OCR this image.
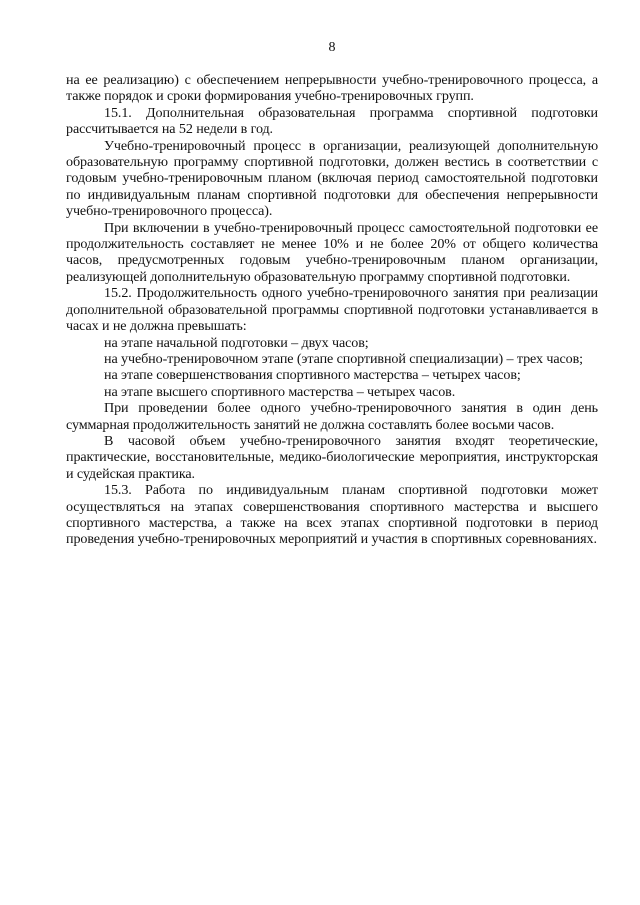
8

на ее реализацию) с обеспечением непрерывности учебно-тренировочного процесса, а также порядок и сроки формирования учебно-тренировочных групп.

15.1. Дополнительная образовательная программа спортивной подготовки рассчитывается на 52 недели в год.

Учебно-тренировочный процесс в организации, реализующей дополнительную образовательную программу спортивной подготовки, должен вестись в соответствии с годовым учебно-тренировочным планом (включая период самостоятельной подготовки по индивидуальным планам спортивной подготовки для обеспечения непрерывности учебно-тренировочного процесса).

При включении в учебно-тренировочный процесс самостоятельной подготовки ее продолжительность составляет не менее 10% и не более 20% от общего количества часов, предусмотренных годовым учебно-тренировочным планом организации, реализующей дополнительную образовательную программу спортивной подготовки.

15.2. Продолжительность одного учебно-тренировочного занятия при реализации дополнительной образовательной программы спортивной подготовки устанавливается в часах и не должна превышать:

на этапе начальной подготовки – двух часов;

на учебно-тренировочном этапе (этапе спортивной специализации) – трех часов;

на этапе совершенствования спортивного мастерства – четырех часов;

на этапе высшего спортивного мастерства – четырех часов.

При проведении более одного учебно-тренировочного занятия в один день суммарная продолжительность занятий не должна составлять более восьми часов.

В часовой объем учебно-тренировочного занятия входят теоретические, практические, восстановительные, медико-биологические мероприятия, инструкторская и судейская практика.

15.3. Работа по индивидуальным планам спортивной подготовки может осуществляться на этапах совершенствования спортивного мастерства и высшего спортивного мастерства, а также на всех этапах спортивной подготовки в период проведения учебно-тренировочных мероприятий и участия в спортивных соревнованиях.
